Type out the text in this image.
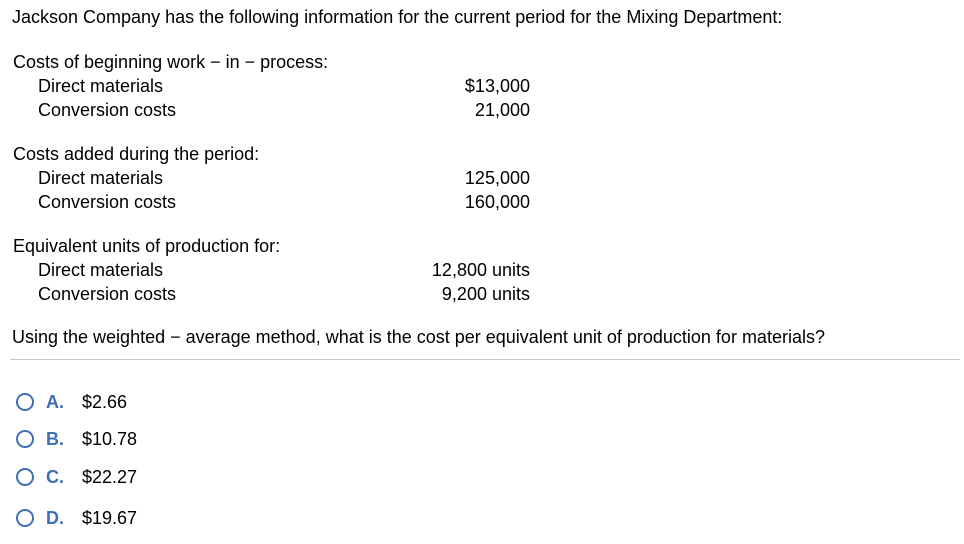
Jackson Company has the following information for the current period for the Mixing Department:
Costs of beginning work − in − process:
Direct materials	$13,000
Conversion costs	21,000
Costs added during the period:
Direct materials	125,000
Conversion costs	160,000
Equivalent units of production for:
Direct materials	12,800 units
Conversion costs	9,200 units
Using the weighted − average method, what is the cost per equivalent unit of production for materials?
A.	$2.66
B.	$10.78
C.	$22.27
D.	$19.67
